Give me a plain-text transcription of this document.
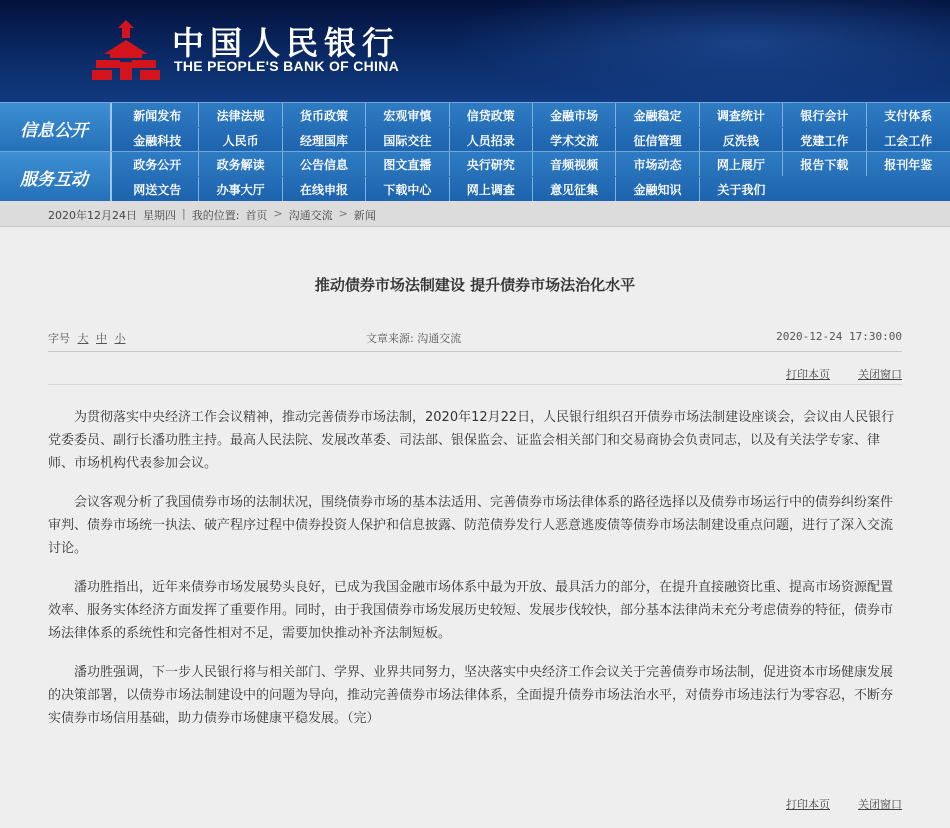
中国人民银行
THE PEOPLE'S BANK OF CHINA
信息公开
新闻发布	法律法规	货币政策	宏观审慎	信贷政策	金融市场	金融稳定	调查统计	银行会计	支付体系
金融科技	人民币	经理国库	国际交往	人员招录	学术交流	征信管理	反洗钱	党建工作	工会工作
服务互动
政务公开	政务解读	公告信息	图文直播	央行研究	音频视频	市场动态	网上展厅	报告下载	报刊年鉴
网送文告	办事大厅	在线申报	下载中心	网上调查	意见征集	金融知识	关于我们
2020年12月24日 星期四 | 我的位置: 首页 > 沟通交流 > 新闻
推动债券市场法制建设 提升债券市场法治化水平
字号 大 中 小	文章来源: 沟通交流	2020-12-24 17:30:00
打印本页	关闭窗口

为贯彻落实中央经济工作会议精神，推动完善债券市场法制，2020年12月22日，人民银行组织召开债券市场法制建设座谈会，会议由人民银行党委委员、副行长潘功胜主持。最高人民法院、发展改革委、司法部、银保监会、证监会相关部门和交易商协会负责同志，以及有关法学专家、律师、市场机构代表参加会议。

会议客观分析了我国债券市场的法制状况，围绕债券市场的基本法适用、完善债券市场法律体系的路径选择以及债券市场运行中的债券纠纷案件审判、债券市场统一执法、破产程序过程中债券投资人保护和信息披露、防范债券发行人恶意逃废债等债券市场法制建设重点问题，进行了深入交流讨论。

潘功胜指出，近年来债券市场发展势头良好，已成为我国金融市场体系中最为开放、最具活力的部分，在提升直接融资比重、提高市场资源配置效率、服务实体经济方面发挥了重要作用。同时，由于我国债券市场发展历史较短、发展步伐较快，部分基本法律尚未充分考虑债券的特征，债券市场法律体系的系统性和完备性相对不足，需要加快推动补齐法制短板。

潘功胜强调，下一步人民银行将与相关部门、学界、业界共同努力，坚决落实中央经济工作会议关于完善债券市场法制，促进资本市场健康发展的决策部署，以债券市场法制建设中的问题为导向，推动完善债券市场法律体系，全面提升债券市场法治水平，对债券市场违法行为零容忍，不断夯实债券市场信用基础，助力债券市场健康平稳发展。（完）

打印本页	关闭窗口
